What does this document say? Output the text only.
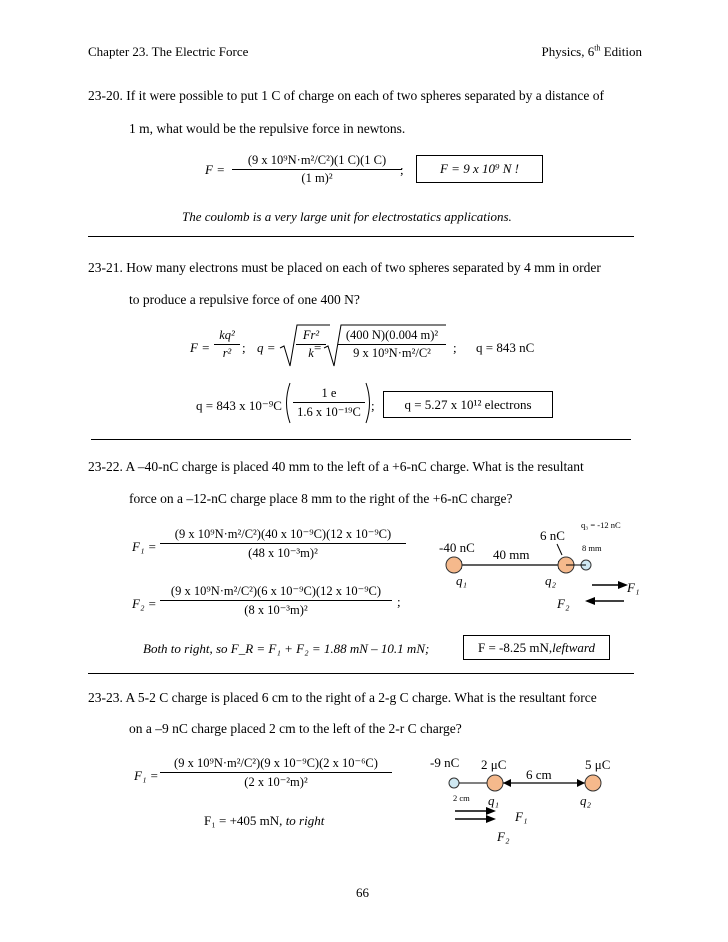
Chapter 23. The Electric Force	Physics, 6th Edition
23-20. If it were possible to put 1 C of charge on each of two spheres separated by a distance of
1 m, what would be the repulsive force in newtons.
F =
(9 x 10⁹N·m²/C²)(1 C)(1 C)
(1 m)²
;	F = 9 x 10⁹ N !
The coulomb is a very large unit for electrostatics applications.
23-21. How many electrons must be placed on each of two spheres separated by 4 mm in order
to produce a repulsive force of one 400 N?
F =
kq²
r² ; q =
Fr²
k =
(400 N)(0.004 m)²
9 x 10⁹N·m²/C²	; q = 843 nC
q = 843 x 10⁻⁹C
1 e
1.6 x 10⁻¹⁹C ;	q = 5.27 x 10¹² electrons
23-22. A –40-nC charge is placed 40 mm to the left of a +6-nC charge. What is the resultant
force on a –12-nC charge place 8 mm to the right of the +6-nC charge?
F₁ =
(9 x 10⁹N·m²/C²)(40 x 10⁻⁹C)(12 x 10⁻⁹C)
(48 x 10⁻³m)²
F₂ =
(9 x 10⁹N·m²/C²)(6 x 10⁻⁹C)(12 x 10⁻⁹C)
(8 x 10⁻³m)²
;
-40 nC
6 nC
q₃ = -12 nC
40 mm	8 mm
q₁	q₂	F₁
F₂
Both to right, so F_R = F₁ + F₂ = 1.88 mN – 10.1 mN;	F = -8.25 mN, leftward
23-23. A 5-2 C charge is placed 6 cm to the right of a 2-g C charge. What is the resultant force
on a –9 nC charge placed 2 cm to the left of the 2-r C charge?
F₁ =
(9 x 10⁹N·m²/C²)(9 x 10⁻⁹C)(2 x 10⁻⁶C)
(2 x 10⁻²m)²
F₁ = +405 mN, to right
-9 nC 2 μC	5 μC
6 cm
2 cm q₁	q₂
F₁
F₂
66
